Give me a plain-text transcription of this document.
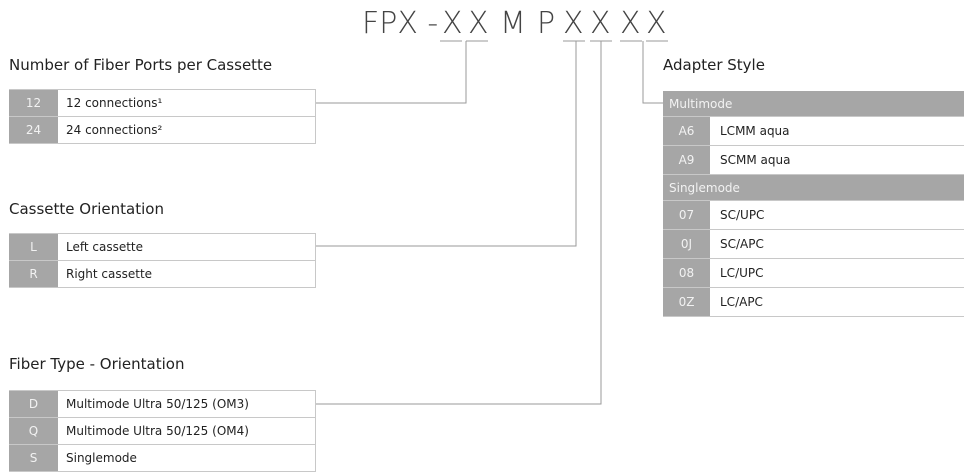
FPX - X X M P X X X X
Number of Fiber Ports per Cassette
12	12 connections¹
24	24 connections²
Cassette Orientation
L	Left cassette
R	Right cassette
Fiber Type - Orientation
D	Multimode Ultra 50/125 (OM3)
Q	Multimode Ultra 50/125 (OM4)
S	Singlemode
Adapter Style
Multimode
A6	LCMM aqua
A9	SCMM aqua
Singlemode
07	SC/UPC
0J	SC/APC
08	LC/UPC
0Z	LC/APC
